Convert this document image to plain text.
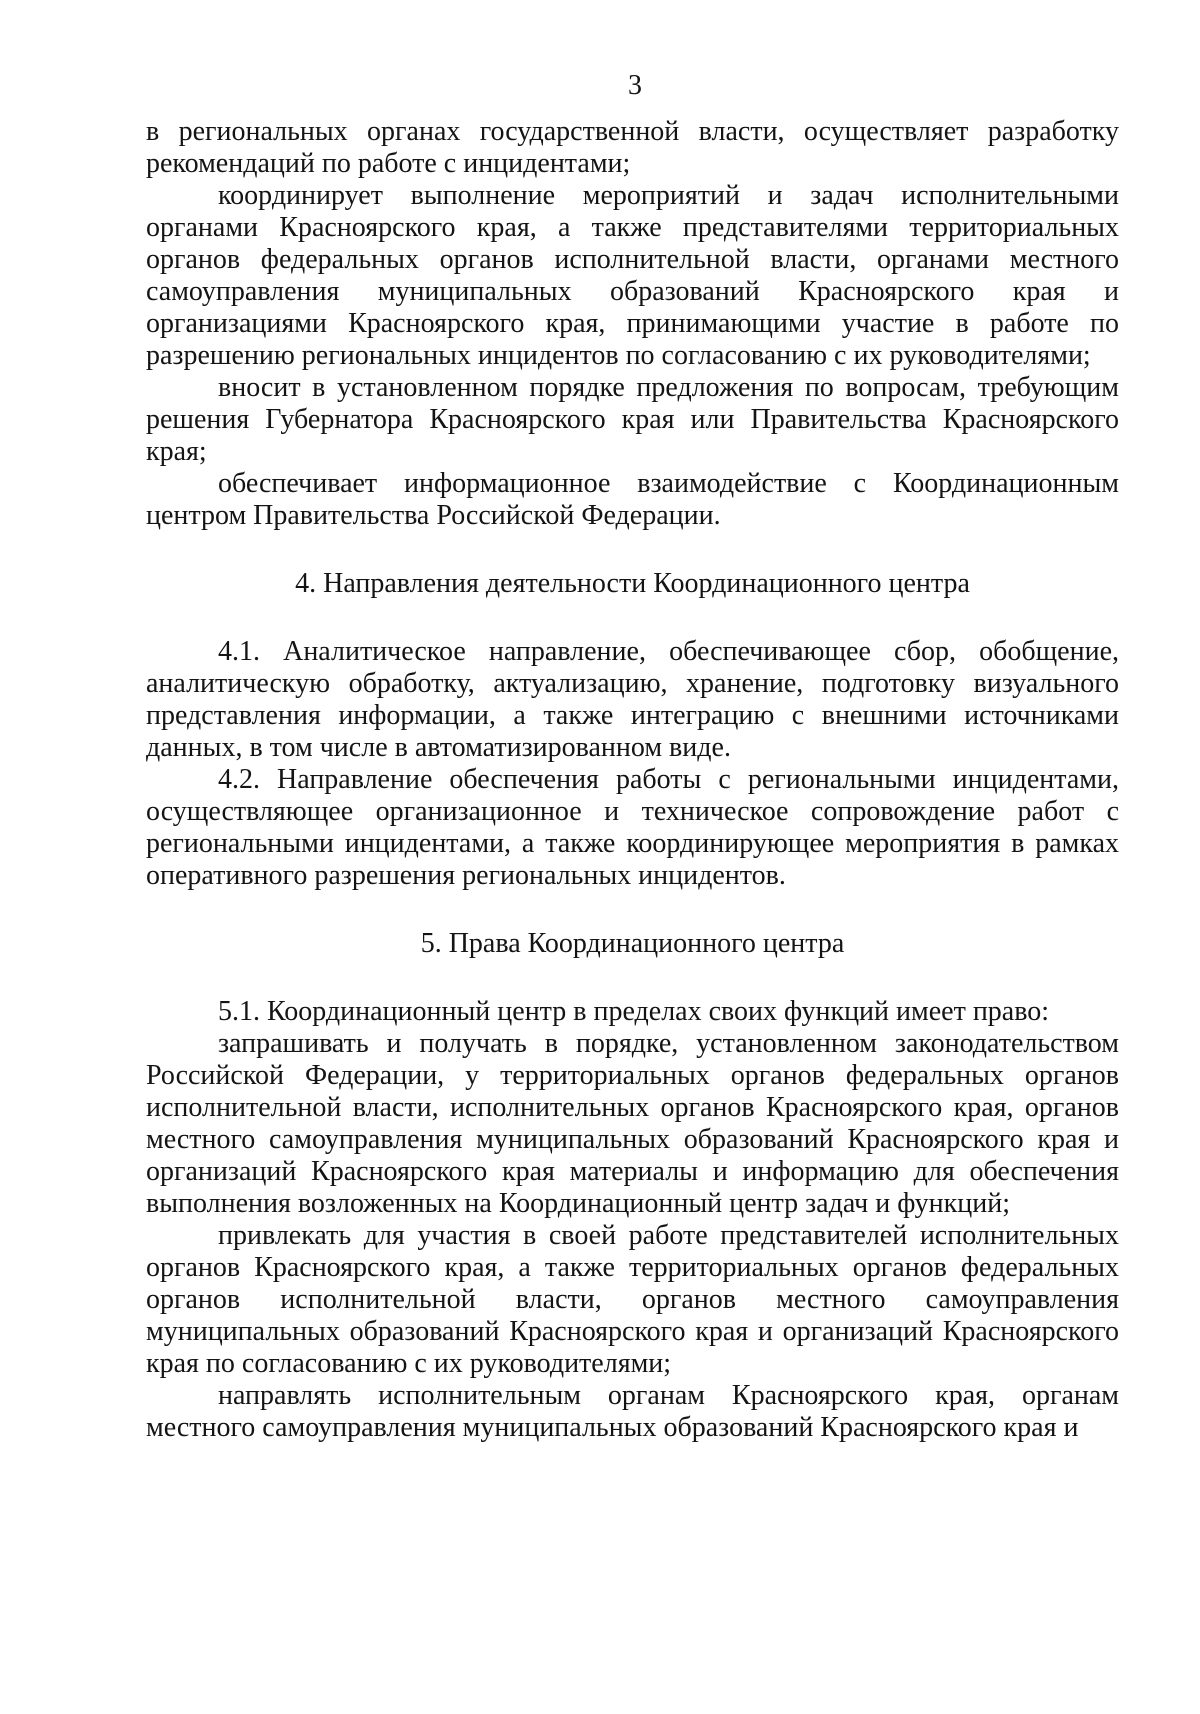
3

в региональных органах государственной власти, осуществляет разработку рекомендаций по работе с инцидентами;

координирует выполнение мероприятий и задач исполнительными органами Красноярского края, а также представителями территориальных органов федеральных органов исполнительной власти, органами местного самоуправления муниципальных образований Красноярского края и организациями Красноярского края, принимающими участие в работе по разрешению региональных инцидентов по согласованию с их руководителями;

вносит в установленном порядке предложения по вопросам, требующим решения Губернатора Красноярского края или Правительства Красноярского края;

обеспечивает информационное взаимодействие с Координационным центром Правительства Российской Федерации.

4. Направления деятельности Координационного центра

4.1. Аналитическое направление, обеспечивающее сбор, обобщение, аналитическую обработку, актуализацию, хранение, подготовку визуального представления информации, а также интеграцию с внешними источниками данных, в том числе в автоматизированном виде.

4.2. Направление обеспечения работы с региональными инцидентами, осуществляющее организационное и техническое сопровождение работ с региональными инцидентами, а также координирующее мероприятия в рамках оперативного разрешения региональных инцидентов.

5. Права Координационного центра

5.1. Координационный центр в пределах своих функций имеет право:

запрашивать и получать в порядке, установленном законодательством Российской Федерации, у территориальных органов федеральных органов исполнительной власти, исполнительных органов Красноярского края, органов местного самоуправления муниципальных образований Красноярского края и организаций Красноярского края материалы и информацию для обеспечения выполнения возложенных на Координационный центр задач и функций;

привлекать для участия в своей работе представителей исполнительных органов Красноярского края, а также территориальных органов федеральных органов исполнительной власти, органов местного самоуправления муниципальных образований Красноярского края и организаций Красноярского края по согласованию с их руководителями;

направлять исполнительным органам Красноярского края, органам местного самоуправления муниципальных образований Красноярского края и
